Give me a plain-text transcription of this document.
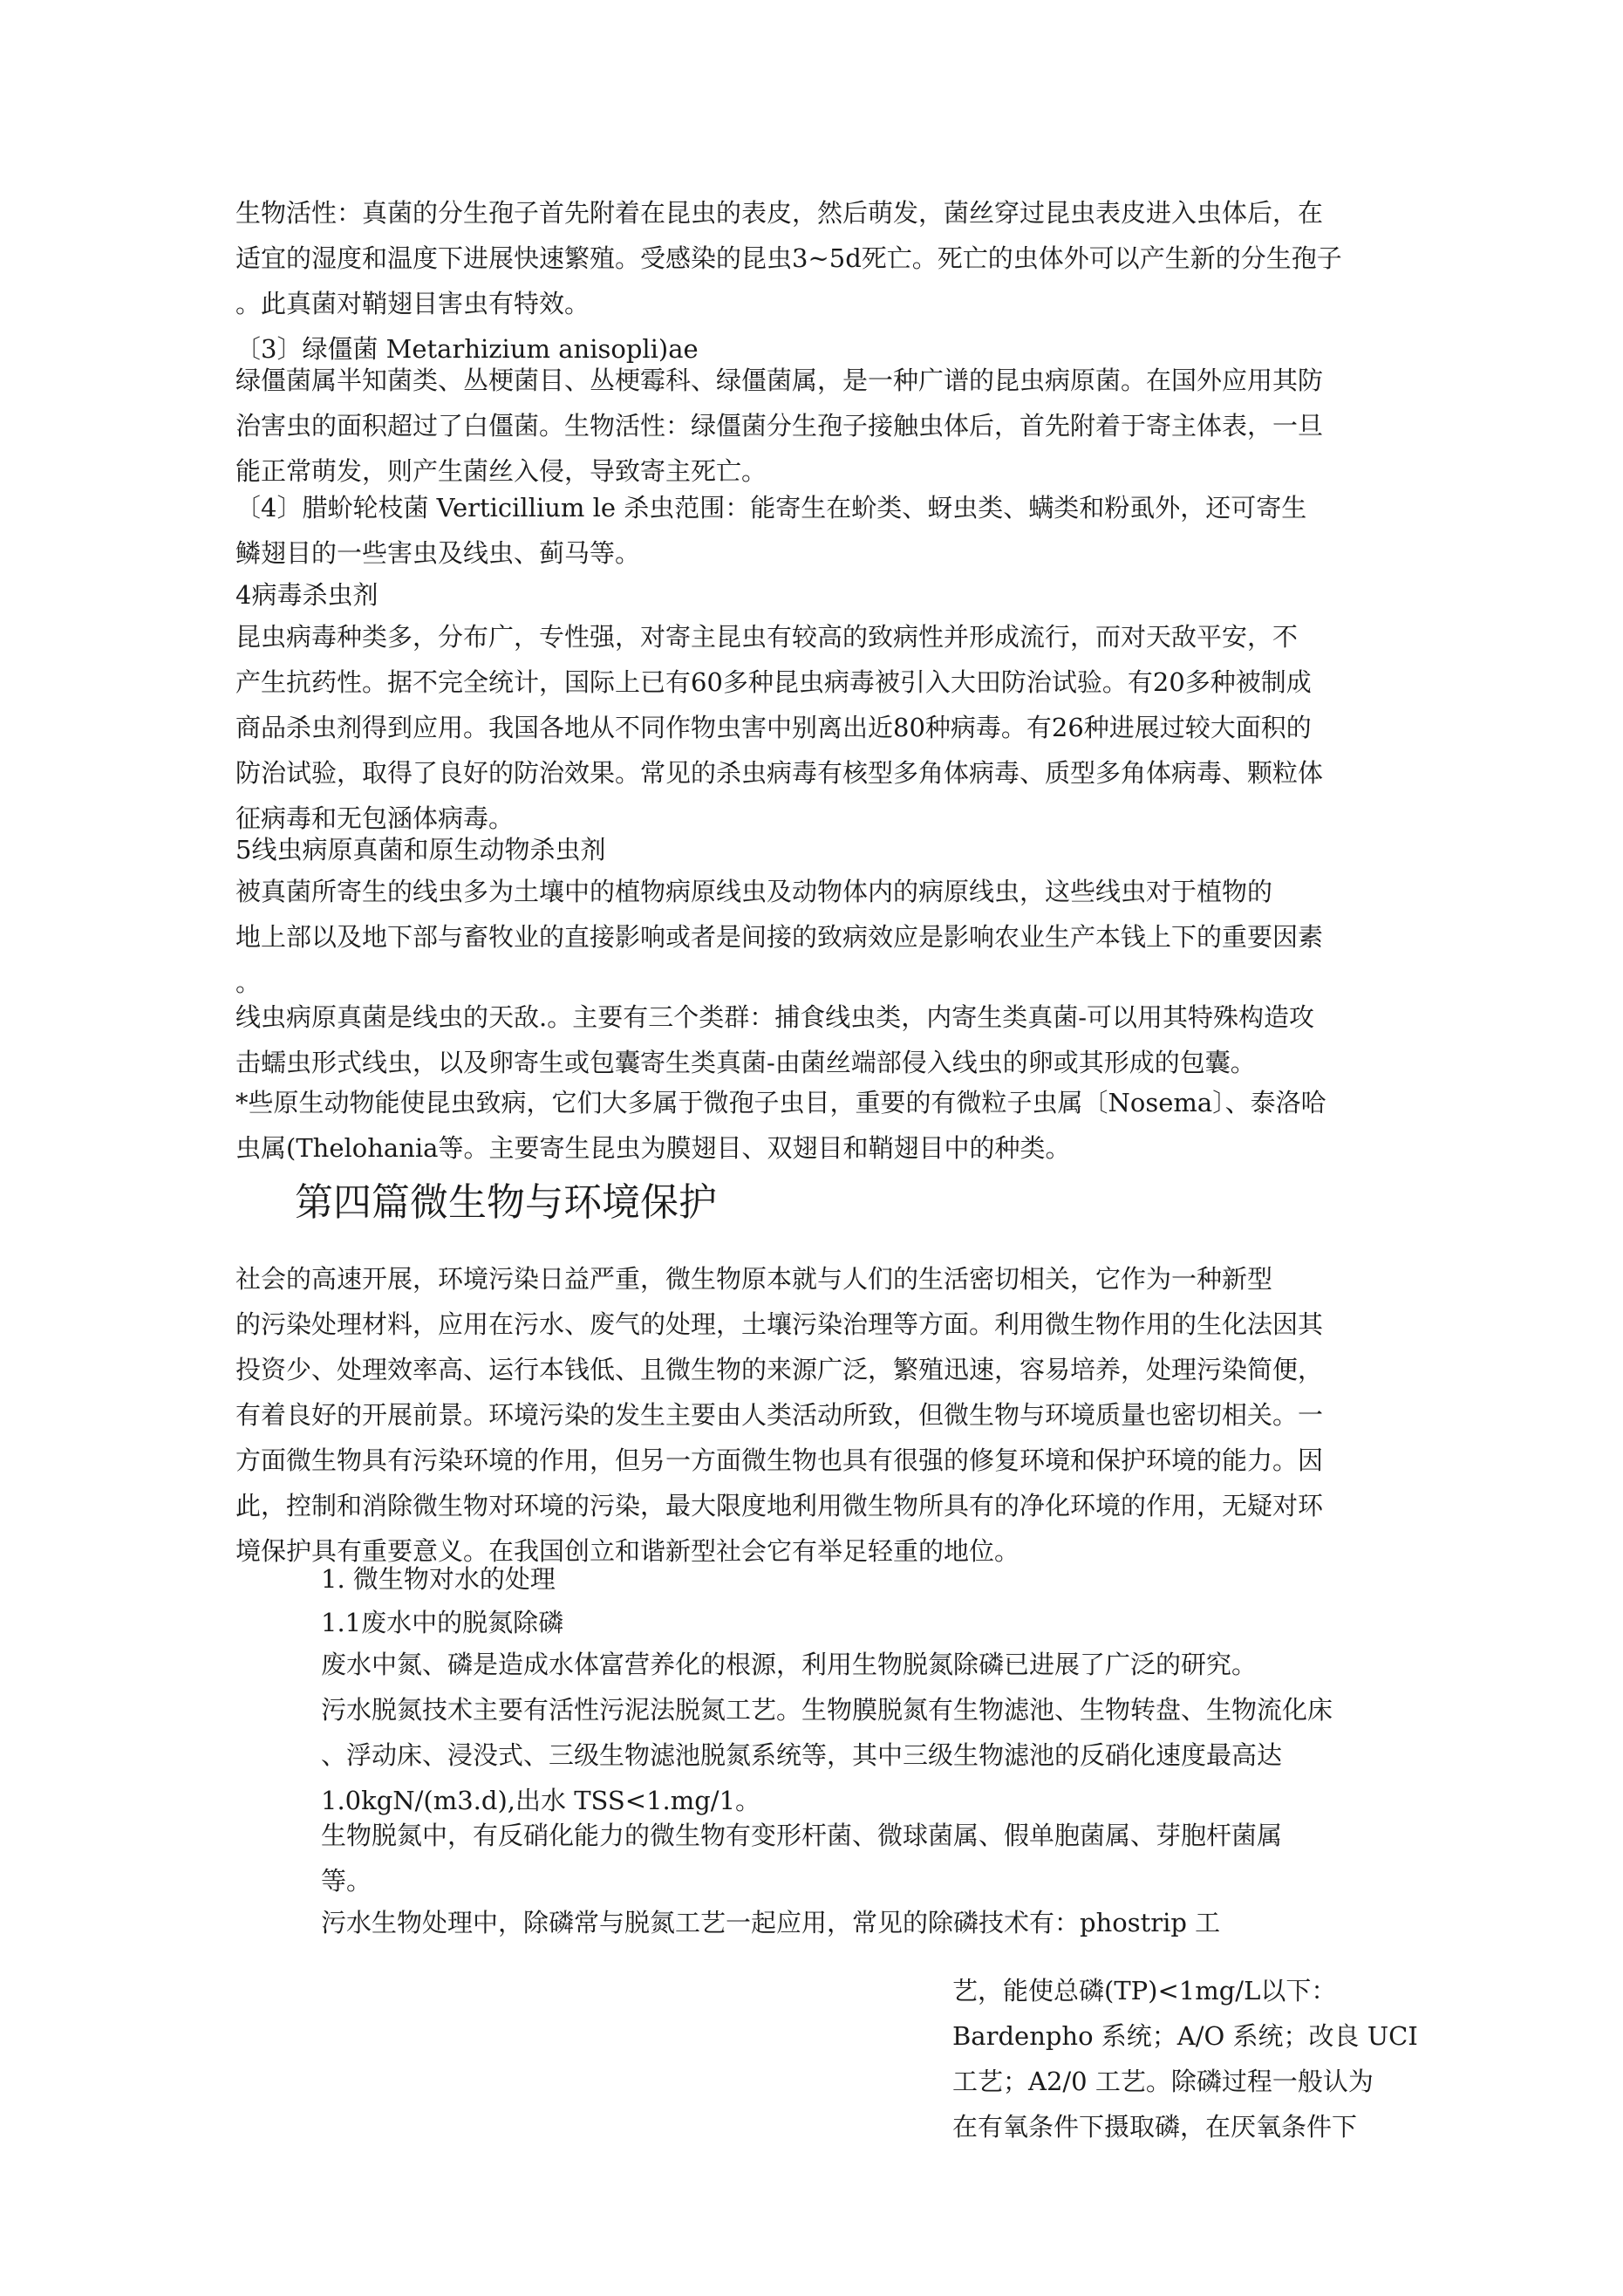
生物活性：真菌的分生孢子首先附着在昆虫的表皮，然后萌发，菌丝穿过昆虫表皮进入虫体后，在
适宜的湿度和温度下进展快速繁殖。受感染的昆虫3~5d死亡。死亡的虫体外可以产生新的分生孢子
。此真菌对鞘翅目害虫有特效。
〔3〕绿僵菌 Metarhizium anisopli)ae
绿僵菌属半知菌类、丛梗菌目、丛梗霉科、绿僵菌属，是一种广谱的昆虫病原菌。在国外应用其防
治害虫的面积超过了白僵菌。生物活性：绿僵菌分生孢子接触虫体后，首先附着于寄主体表，一旦
能正常萌发，则产生菌丝入侵，导致寄主死亡。
〔4〕腊蚧轮枝菌 Verticillium le 杀虫范围：能寄生在蚧类、蚜虫类、螨类和粉虱外，还可寄生
鳞翅目的一些害虫及线虫、蓟马等。
4病毒杀虫剂
昆虫病毒种类多，分布广，专性强，对寄主昆虫有较高的致病性并形成流行，而对天敌平安，不
产生抗药性。据不完全统计，国际上已有60多种昆虫病毒被引入大田防治试验。有20多种被制成
商品杀虫剂得到应用。我国各地从不同作物虫害中别离出近80种病毒。有26种进展过较大面积的
防治试验，取得了良好的防治效果。常见的杀虫病毒有核型多角体病毒、质型多角体病毒、颗粒体
征病毒和无包涵体病毒。
5线虫病原真菌和原生动物杀虫剂
被真菌所寄生的线虫多为土壤中的植物病原线虫及动物体内的病原线虫，这些线虫对于植物的
地上部以及地下部与畜牧业的直接影响或者是间接的致病效应是影响农业生产本钱上下的重要因素
。
线虫病原真菌是线虫的天敌.。主要有三个类群：捕食线虫类，内寄生类真菌-可以用其特殊构造攻
击蠕虫形式线虫，以及卵寄生或包囊寄生类真菌-由菌丝端部侵入线虫的卵或其形成的包囊。
*些原生动物能使昆虫致病，它们大多属于微孢子虫目，重要的有微粒子虫属〔Nosema〕、泰洛哈
虫属(Thelohania等。主要寄生昆虫为膜翅目、双翅目和鞘翅目中的种类。
第四篇微生物与环境保护
社会的高速开展，环境污染日益严重，微生物原本就与人们的生活密切相关，它作为一种新型
的污染处理材料，应用在污水、废气的处理，土壤污染治理等方面。利用微生物作用的生化法因其
投资少、处理效率高、运行本钱低、且微生物的来源广泛，繁殖迅速，容易培养，处理污染简便，
有着良好的开展前景。环境污染的发生主要由人类活动所致，但微生物与环境质量也密切相关。一
方面微生物具有污染环境的作用，但另一方面微生物也具有很强的修复环境和保护环境的能力。因
此，控制和消除微生物对环境的污染，最大限度地利用微生物所具有的净化环境的作用，无疑对环
境保护具有重要意义。在我国创立和谐新型社会它有举足轻重的地位。
1. 微生物对水的处理
1.1废水中的脱氮除磷
废水中氮、磷是造成水体富营养化的根源，利用生物脱氮除磷已进展了广泛的研究。
污水脱氮技术主要有活性污泥法脱氮工艺。生物膜脱氮有生物滤池、生物转盘、生物流化床
、浮动床、浸没式、三级生物滤池脱氮系统等，其中三级生物滤池的反硝化速度最高达
1.0kgN/(m3.d),出水 TSS<1.mg/1。
生物脱氮中，有反硝化能力的微生物有变形杆菌、微球菌属、假单胞菌属、芽胞杆菌属
等。
污水生物处理中，除磷常与脱氮工艺一起应用，常见的除磷技术有：phostrip 工
艺，能使总磷(TP)<1mg/L以下：
Bardenpho 系统；A/O 系统；改良 UCI
工艺；A2/0 工艺。除磷过程一般认为
在有氧条件下摄取磷，在厌氧条件下
